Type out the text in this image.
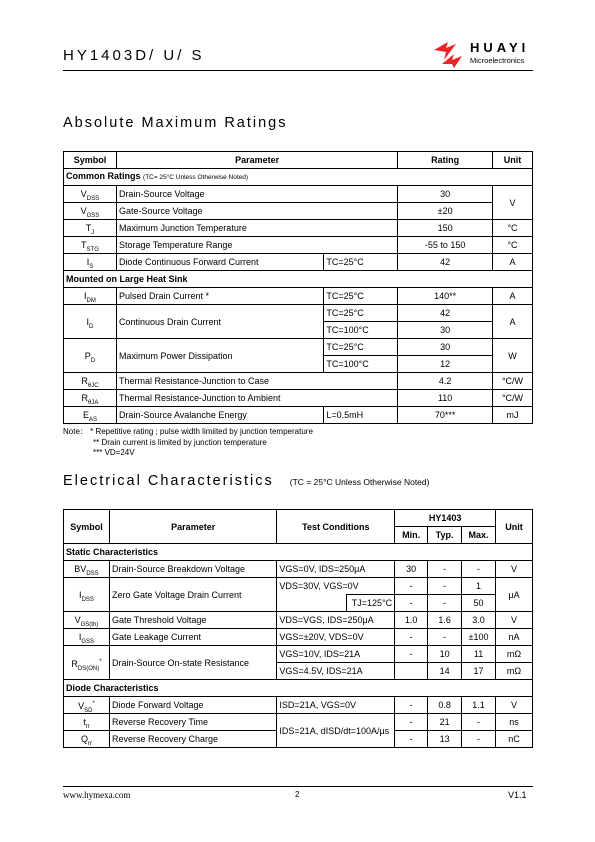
HY1403D/ U/ S	HUAYI
Microelectronics
Absolute Maximum Ratings
Symbol	Parameter		Rating	Unit
Common Ratings (TC= 25°C Unless Otherwise Noted)				
$V_{DSS}$	Drain-Source Voltage		30	V
$V_{GSS}$	Gate-Source Voltage		±20	
$T_J$	Maximum Junction Temperature		150	°C
$T_{STG}$	Storage Temperature Range		-55 to 150	°C
$I_S$	Diode Continuous Forward Current	TC=25°C	42	A
Mounted on Large Heat Sink				
$I_{DM}$	Pulsed Drain Current *	TC=25°C	140**	A
$I_D$	Continuous Drain Current	TC=25°C	42	A
		TC=100°C	30	
$P_D$	Maximum Power Dissipation	TC=25°C	30	W
		TC=100°C	12	
$R_{\theta JC}$	Thermal Resistance-Junction to Case		4.2	°C/W
$R_{\theta JA}$	Thermal Resistance-Junction to Ambient		110	°C/W
$E_{AS}$	Drain-Source Avalanche Energy	L=0.5mH	70***	mJ
Note： * Repetitive rating ; pulse width limiited by junction temperature
** Drain current is limited by junction temperature
*** VD=24V
Electrical Characteristics (TC = 25°C Unless Otherwise Noted)
Symbol	Parameter	Test Conditions		HY1403			Unit
				Min.	Typ.	Max.	
Static Characteristics							
$BV_{DSS}$	Drain-Source Breakdown Voltage	VGS=0V, IDS=250μA		30	-	-	V
$I_{DSS}$	Zero Gate Voltage Drain Current	VDS=30V, VGS=0V		-	-	1	μA
			TJ=125°C	-	-	50	
$V_{GS(th)}$	Gate Threshold Voltage	VDS=VGS, IDS=250μA		1.0	1.6	3.0	V
$I_{GSS}$	Gate Leakage Current	VGS=±20V, VDS=0V		-	-	±100	nA
$R_{DS(ON)}^*$	Drain-Source On-state Resistance	VGS=10V, IDS=21A		-	10	11	mΩ
		VGS=4.5V, IDS=21A			14	17	mΩ
Diode Characteristics							
$V_{SD}^*$	Diode Forward Voltage	ISD=21A, VGS=0V		-	0.8	1.1	V
$t_{rr}$	Reverse Recovery Time	IDS=21A, dISD/dt=100A/μs		-	21	-	ns
$Q_{rr}$	Reverse Recovery Charge			-	13	-	nC
www.hymexa.com	2	V1.1
